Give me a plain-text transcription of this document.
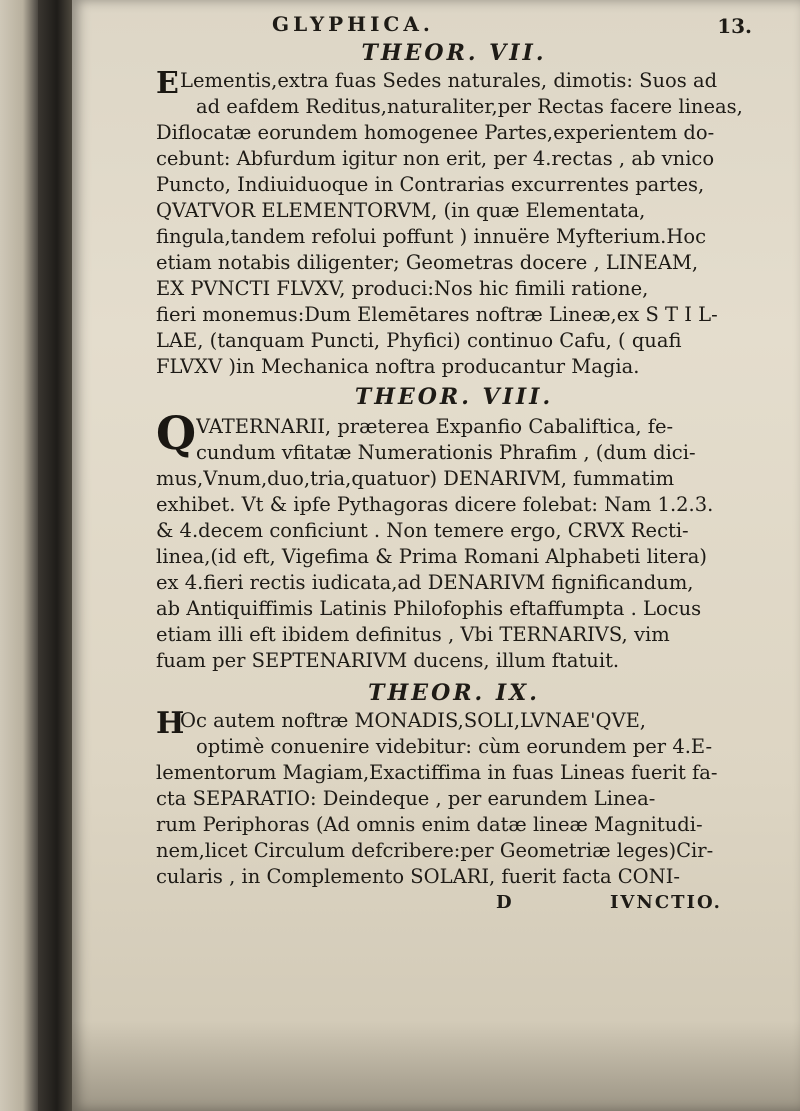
GLYPHICA.	13.
THEOR. VII.
E Lementis,extra fuas Sedes naturales, dimotis: Suos ad
ad eafdem Reditus,naturaliter,per Rectas facere lineas,
Diflocatæ eorundem homogenee Partes,experientem do-
cebunt: Abfurdum igitur non erit, per 4.rectas , ab vnico
Puncto, Indiuiduoque in Contrarias excurrentes partes,
QVATVOR ELEMENTORVM, (in quæ Elementata,
fingula,tandem refolui poffunt ) innuëre Myfterium.Hoc
etiam notabis diligenter; Geometras docere , LINEAM,
EX PVNCTI FLVXV, produci:Nos hic fimili ratione,
fieri monemus:Dum Elemētares noftræ Lineæ,ex S T I L-
LAE, (tanquam Puncti, Phyfici) continuo Cafu, ( quafi
FLVXV )in Mechanica noftra producantur Magia.
THEOR. VIII.
Q VATERNARII, præterea Expanfio Cabaliftica, fe-
cundum vfitatæ Numerationis Phrafim , (dum dici-
mus,Vnum,duo,tria,quatuor) DENARIVM, fummatim
exhibet. Vt & ipfe Pythagoras dicere folebat: Nam 1.2.3.
& 4.decem conficiunt . Non temere ergo, CRVX Recti-
linea,(id eft, Vigefima & Prima Romani Alphabeti litera)
ex 4.fieri rectis iudicata,ad DENARIVM fignificandum,
ab Antiquiffimis Latinis Philofophis eftaffumpta . Locus
etiam illi eft ibidem definitus , Vbi TERNARIVS, vim
fuam per SEPTENARIVM ducens, illum ftatuit.
THEOR. IX.
H
Oc autem noftræ MONADIS,SOLI,LVNAE'QVE,
optimè conuenire videbitur: cùm eorundem per 4.E-
lementorum Magiam,Exactiffima in fuas Lineas fuerit fa-
cta SEPARATIO: Deindeque , per earundem Linea-
rum Periphoras (Ad omnis enim datæ lineæ Magnitudi-
nem,licet Circulum defcribere:per Geometriæ leges)Cir-
cularis , in Complemento SOLARI, fuerit facta CONI-
D	IVNCTIO.
